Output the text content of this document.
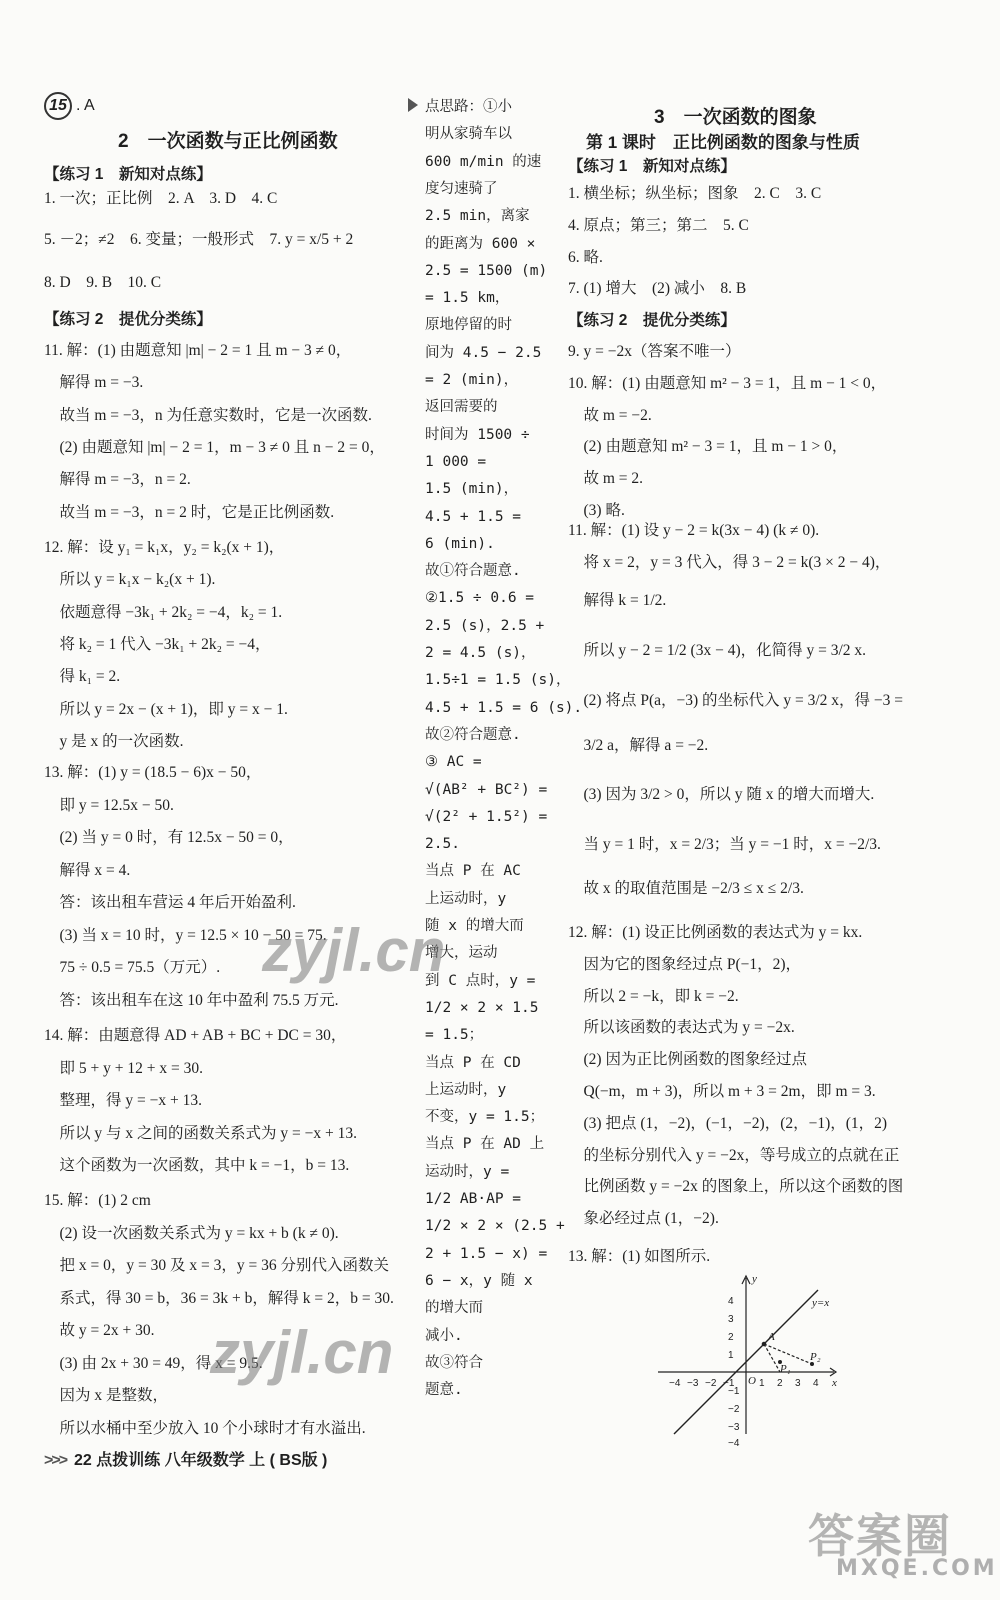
15 . A
2　一次函数与正比例函数
【练习 1　新知对点练】
【练习 2　提优分类练】
1. 一次；正比例　2. A　3. D　4. C
5. －2；≠2　6. 变量；一般形式　7. y = x/5 + 2
8. D　9. B　10. C
11. 解：(1) 由题意知 |m| − 2 = 1 且 m − 3 ≠ 0，
　解得 m = −3.
　故当 m = −3，n 为任意实数时，它是一次函数.
　(2) 由题意知 |m| − 2 = 1，m − 3 ≠ 0 且 n − 2 = 0，
　解得 m = −3，n = 2.
　故当 m = −3，n = 2 时，它是正比例函数.
12. 解：设 y₁ = k₁x，y₂ = k₂(x + 1)，
　所以 y = k₁x − k₂(x + 1).
　依题意得 −3k₁ + 2k₂ = −4，k₂ = 1.
　将 k₂ = 1 代入 −3k₁ + 2k₂ = −4，
　得 k₁ = 2.
　所以 y = 2x − (x + 1)，即 y = x − 1.
　y 是 x 的一次函数.
13. 解：(1) y = (18.5 − 6)x − 50，
　即 y = 12.5x − 50.
　(2) 当 y = 0 时，有 12.5x − 50 = 0，
　解得 x = 4.
　答：该出租车营运 4 年后开始盈利.
　(3) 当 x = 10 时，y = 12.5 × 10 − 50 = 75.
　75 ÷ 0.5 = 75.5（万元）.
　答：该出租车在这 10 年中盈利 75.5 万元.
14. 解：由题意得 AD + AB + BC + DC = 30，
　即 5 + y + 12 + x = 30.
　整理，得 y = −x + 13.
　所以 y 与 x 之间的函数关系式为 y = −x + 13.
　这个函数为一次函数，其中 k = −1，b = 13.
15. 解：(1) 2 cm
　(2) 设一次函数关系式为 y = kx + b (k ≠ 0).
　把 x = 0，y = 30 及 x = 3，y = 36 分别代入函数关
　系式，得 30 = b，36 = 3k + b，解得 k = 2，b = 30.
　故 y = 2x + 30.
　(3) 由 2x + 30 = 49，得 x = 9.5.
　因为 x 是整数，
　所以水桶中至少放入 10 个小球时才有水溢出.
点思路：①小
明从家骑车以
600 m/min 的速
度匀速骑了
2.5 min，离家
的距离为 600 ×
2.5 = 1500 (m)
= 1.5 km，
原地停留的时
间为 4.5 − 2.5
= 2 (min)，
返回需要的
时间为 1500 ÷
1 000 =
1.5 (min)，
4.5 + 1.5 =
6 (min).
故①符合题意.
②1.5 ÷ 0.6 =
2.5 (s)，2.5 +
2 = 4.5 (s)，
1.5÷1 = 1.5 (s)，
4.5 + 1.5 = 6 (s).
故②符合题意.
③ AC =
√(AB² + BC²) =
√(2² + 1.5²) =
2.5.
当点 P 在 AC
上运动时，y
随 x 的增大而
增大，运动
到 C 点时，y =
1/2 × 2 × 1.5
= 1.5；
当点 P 在 CD
上运动时，y
不变，y = 1.5；
当点 P 在 AD 上
运动时，y =
1/2 AB·AP =
1/2 × 2 × (2.5 +
2 + 1.5 − x) =
6 − x，y 随 x
的增大而
减小.
故③符合
题意.
3　一次函数的图象
第 1 课时　正比例函数的图象与性质
【练习 1　新知对点练】
【练习 2　提优分类练】
1. 横坐标；纵坐标；图象　2. C　3. C
4. 原点；第三；第二　5. C
6. 略.
7. (1) 增大　(2) 减小　8. B
9. y = −2x（答案不唯一）
10. 解：(1) 由题意知 m² − 3 = 1，且 m − 1 < 0，
　故 m = −2.
　(2) 由题意知 m² − 3 = 1，且 m − 1 > 0，
　故 m = 2.
　(3) 略.
11. 解：(1) 设 y − 2 = k(3x − 4) (k ≠ 0).
　将 x = 2，y = 3 代入，得 3 − 2 = k(3 × 2 − 4)，
　解得 k = 1/2.
　所以 y − 2 = 1/2 (3x − 4)，化简得 y = 3/2 x.
　(2) 将点 P(a，−3) 的坐标代入 y = 3/2 x，得 −3 =
　3/2 a，解得 a = −2.
　(3) 因为 3/2 > 0，所以 y 随 x 的增大而增大.
　当 y = 1 时，x = 2/3；当 y = −1 时，x = −2/3.
　故 x 的取值范围是 −2/3 ≤ x ≤ 2/3.
12. 解：(1) 设正比例函数的表达式为 y = kx.
　因为它的图象经过点 P(−1，2)，
　所以 2 = −k，即 k = −2.
　所以该函数的表达式为 y = −2x.
　(2) 因为正比例函数的图象经过点
　Q(−m，m + 3)，所以 m + 3 = 2m，即 m = 3.
　(3) 把点 (1，−2)，(−1，−2)，(2，−1)，(1，2)
　的坐标分别代入 y = −2x，等号成立的点就在正
　比例函数 y = −2x 的图象上，所以这个函数的图
　象必经过点 (1，−2).
13. 解：(1) 如图所示.
y
x
y=x
A
P₁
P₂
O
−4 −3 −2 −1 1 2 3 4
4
3
2
1
−1
−2
−3
−4
zyjl.cn
zyjl.cn
答案圈
MXQE.COM
>>> 22 点拨训练 八年级数学 上 ( BS版 )
